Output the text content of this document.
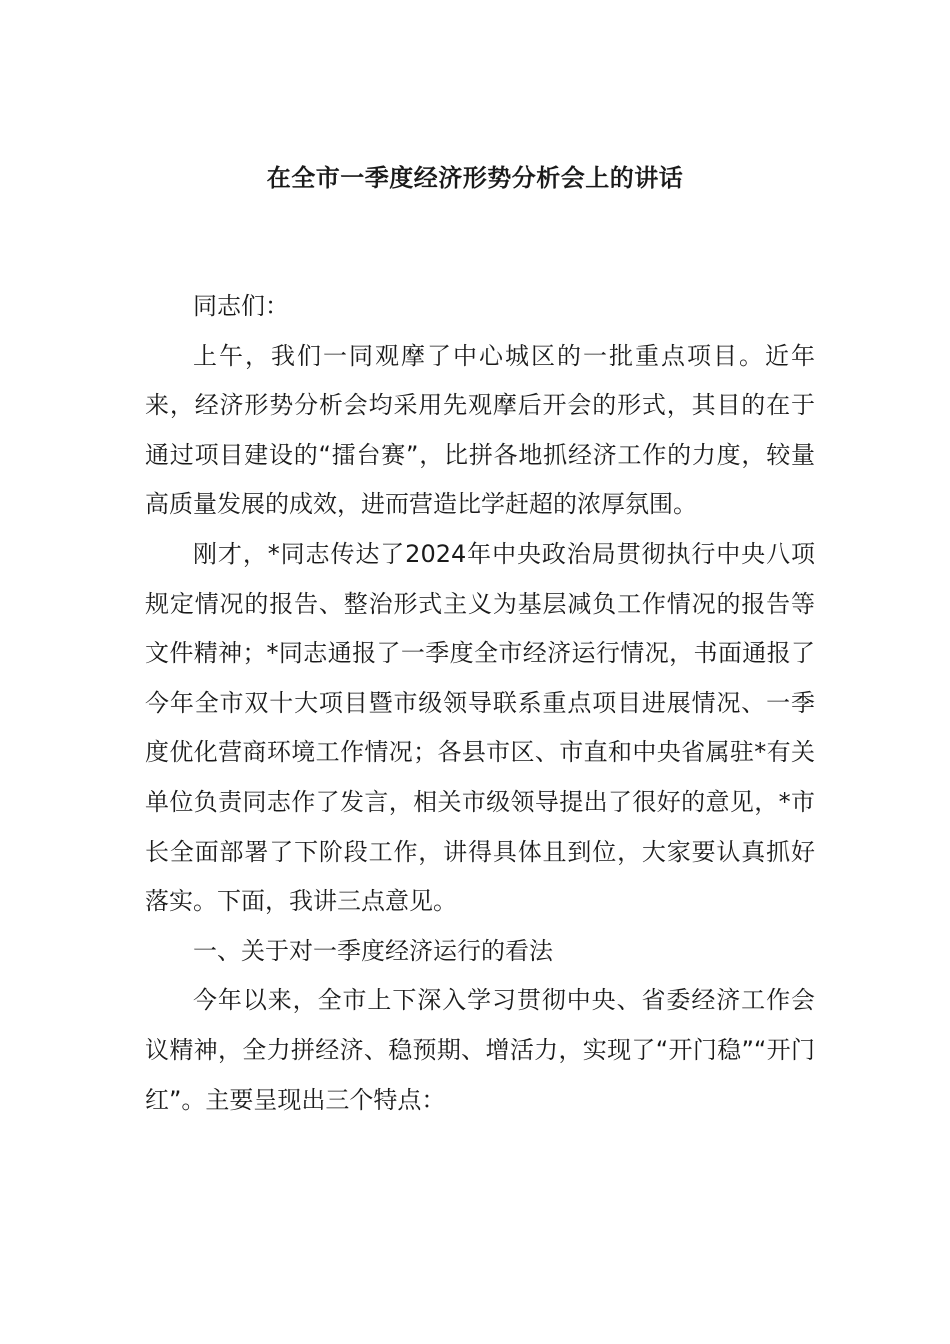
在全市一季度经济形势分析会上的讲话

同志们：

上午，我们一同观摩了中心城区的一批重点项目。近年来，经济形势分析会均采用先观摩后开会的形式，其目的在于通过项目建设的“擂台赛”，比拼各地抓经济工作的力度，较量高质量发展的成效，进而营造比学赶超的浓厚氛围。

刚才，*同志传达了2024年中央政治局贯彻执行中央八项规定情况的报告、整治形式主义为基层减负工作情况的报告等文件精神；*同志通报了一季度全市经济运行情况，书面通报了今年全市双十大项目暨市级领导联系重点项目进展情况、一季度优化营商环境工作情况；各县市区、市直和中央省属驻*有关单位负责同志作了发言，相关市级领导提出了很好的意见，*市长全面部署了下阶段工作，讲得具体且到位，大家要认真抓好落实。下面，我讲三点意见。

一、关于对一季度经济运行的看法

今年以来，全市上下深入学习贯彻中央、省委经济工作会议精神，全力拼经济、稳预期、增活力，实现了“开门稳”“开门红”。主要呈现出三个特点：
